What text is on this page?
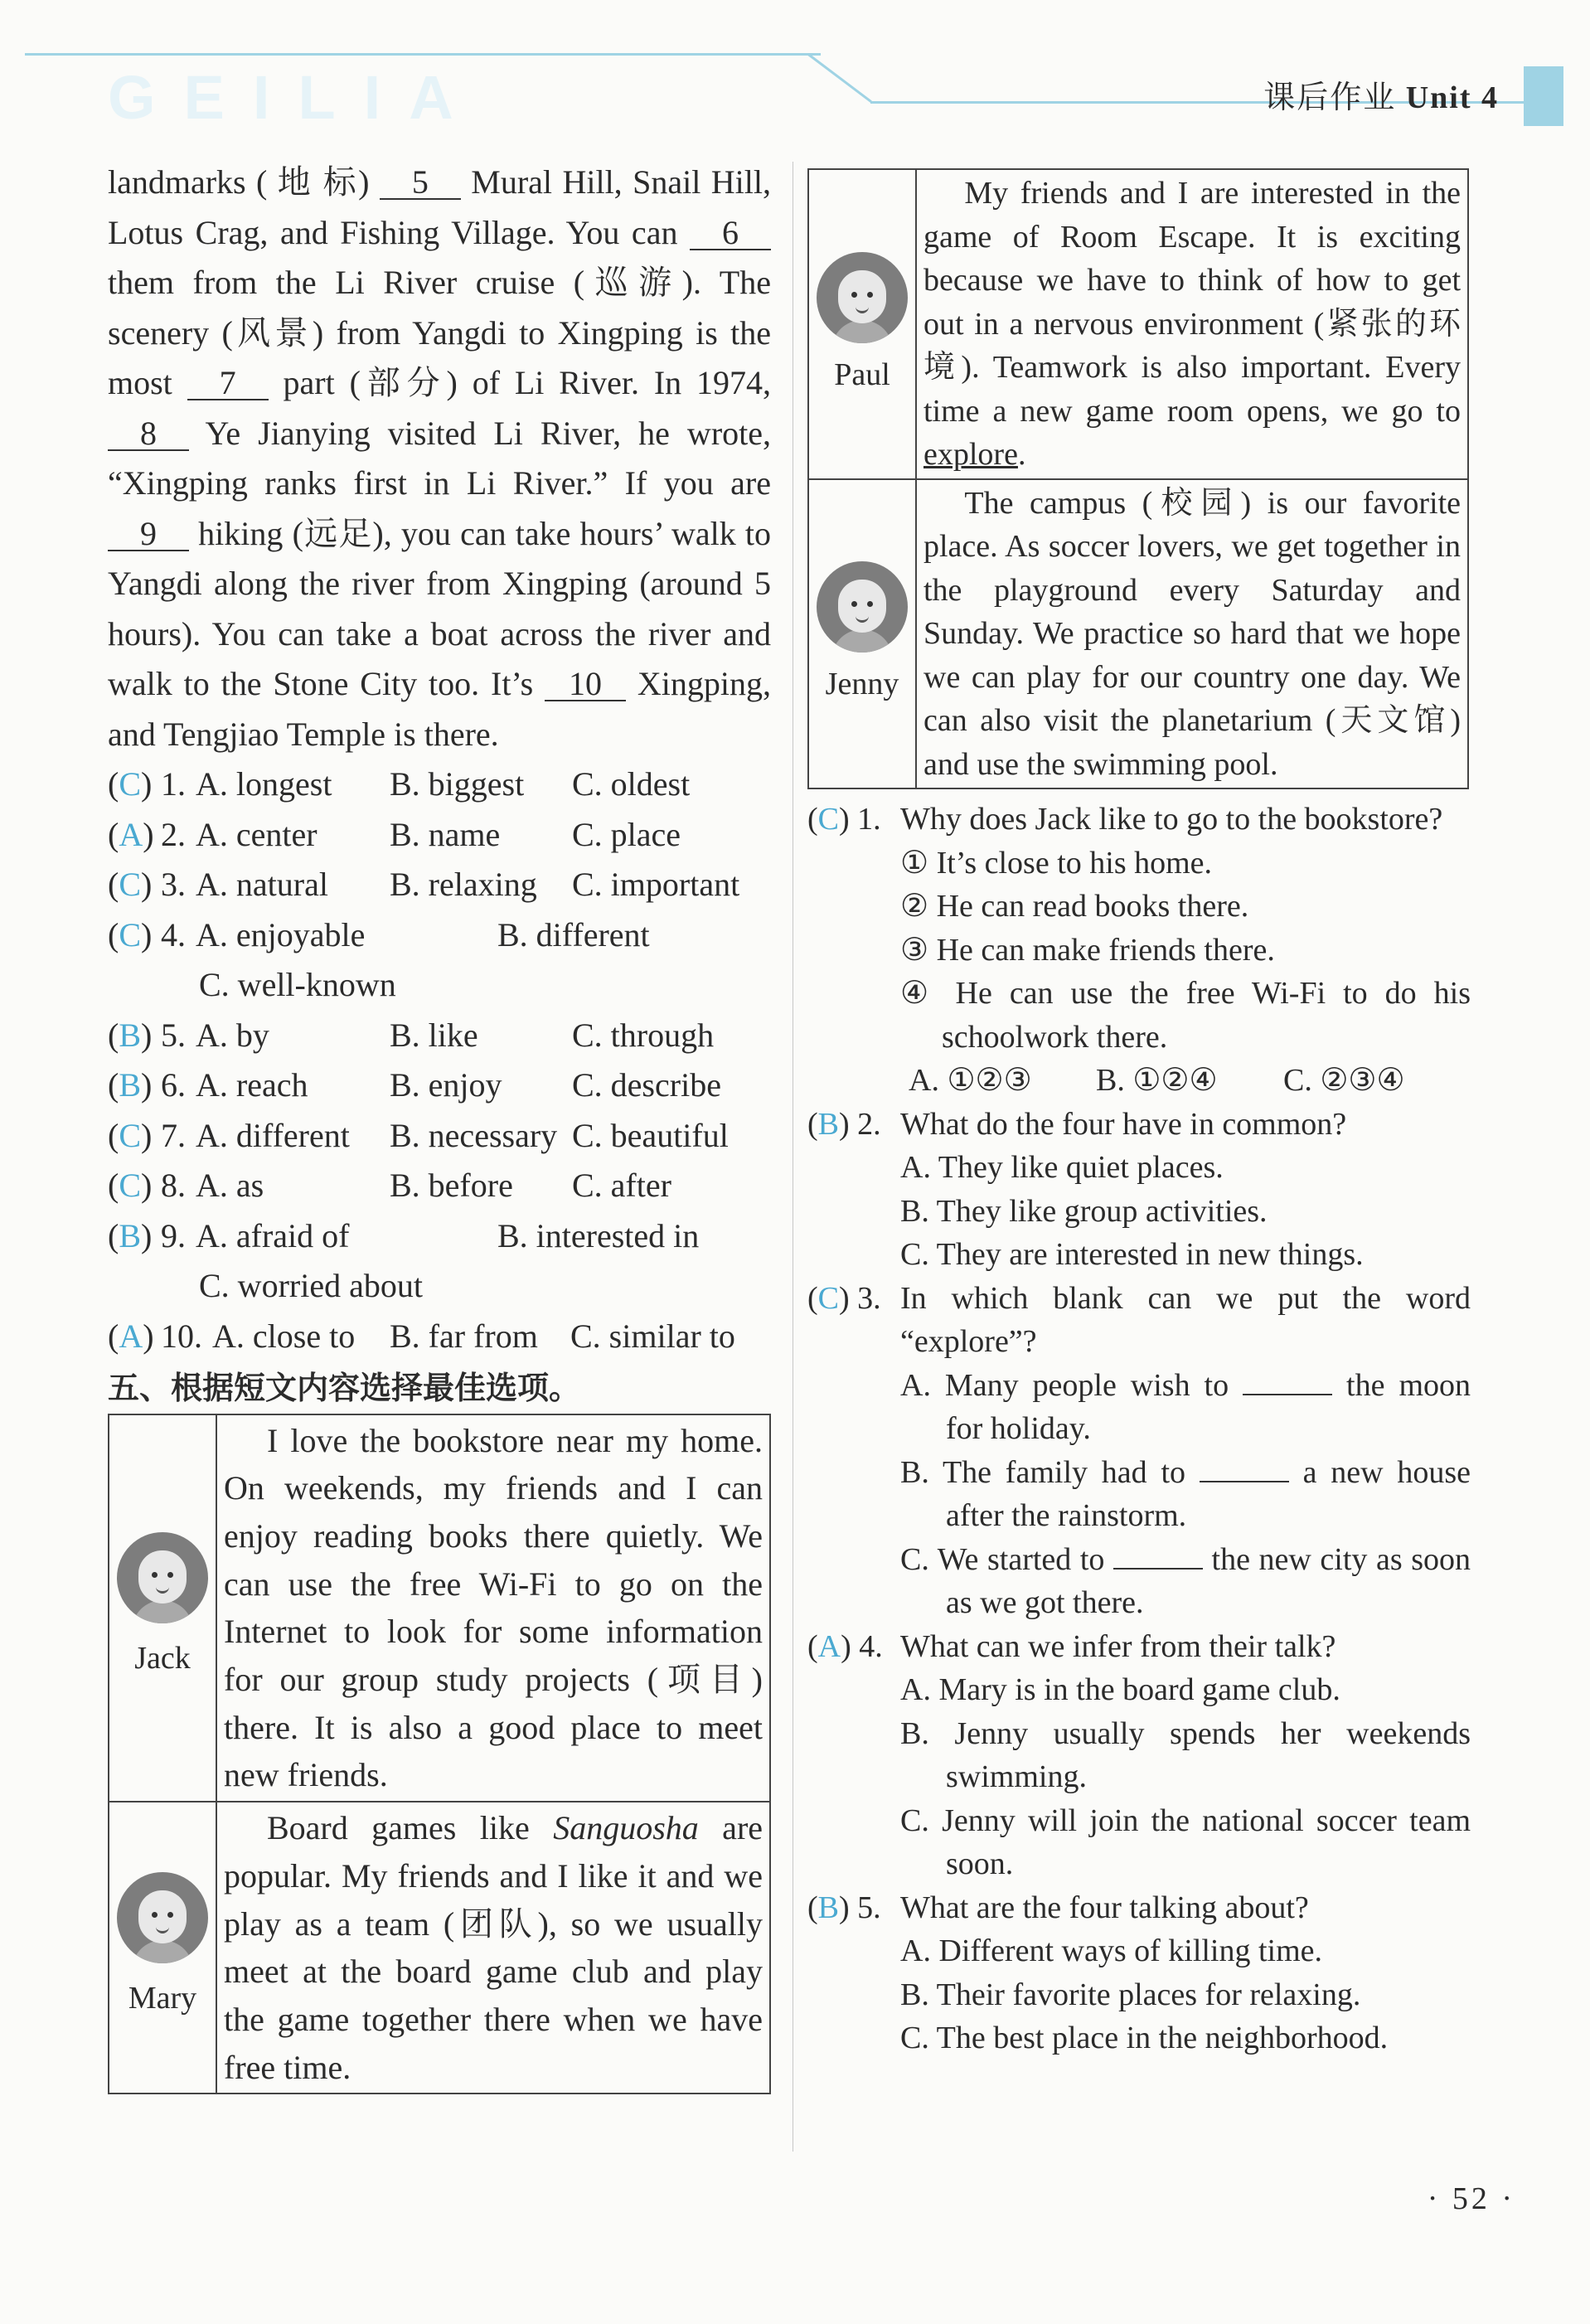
GEILIA	课后作业 Unit 4

landmarks ( 地 标) 5 Mural Hill, Snail Hill, Lotus Crag, and Fishing Village. You can 6 them from the Li River cruise (巡游). The scenery (风景) from Yangdi to Xingping is the most 7 part (部分) of Li River. In 1974, 8 Ye Jianying visited Li River, he wrote, “Xingping ranks first in Li River.” If you are 9 hiking (远足), you can take hours’ walk to Yangdi along the river from Xingping (around 5 hours). You can take a boat across the river and walk to the Stone City too. It’s 10 Xingping, and Tengjiao Temple is there.

(C) 1. A. longest B. biggest C. oldest
(A) 2. A. center B. name C. place
(C) 3. A. natural B. relaxing C. important
(C) 4. A. enjoyable	B. different
C. well-known
(B) 5. A. by	B. like	C. through
(B) 6. A. reach B. enjoy C. describe
(C) 7. A. different B. necessary C. beautiful
(C) 8. A. as	B. before C. after
(B) 9. A. afraid of	B. interested in
C. worried about
(A) 10. A. close to B. far from C. similar to
五、根据短文内容选择最佳选项。
Jack	I love the bookstore near my home. On weekends, my friends and I can enjoy reading books there quietly. We can use the free Wi-Fi to go on the Internet to look for some information for our group study projects (项目) there. It is also a good place to meet new friends.

Mary	Board games like Sanguosha are popular. My friends and I like it and we play as a team (团队), so we usually meet at the board game club and play the game together there when we have free time.
Paul	My friends and I are interested in the game of Room Escape. It is exciting because we have to think of how to get out in a nervous environment (紧张的环境). Teamwork is also important. Every time a new game room opens, we go to explore.

Jenny	The campus (校园) is our favorite place. As soccer lovers, we get together in the playground every Saturday and Sunday. We practice so hard that we hope we can play for our country one day. We can also visit the planetarium (天文馆) and use the swimming pool.
(C) 1. Why does Jack like to go to the bookstore?
① It’s close to his home.
② He can read books there.
③ He can make friends there.
④ He can use the free Wi-Fi to do his schoolwork there.
A. ①②③ B. ①②④ C. ②③④
(B) 2. What do the four have in common?
A. They like quiet places.
B. They like group activities.
C. They are interested in new things.
(C) 3. In which blank can we put the word “explore”?
A. Many people wish to	the moon for holiday.
B. The family had to	a new house after the rainstorm.
C. We started to	the new city as soon as we got there.
(A) 4. What can we infer from their talk?
A. Mary is in the board game club.
B. Jenny usually spends her weekends swimming.
C. Jenny will join the national soccer team soon.
(B) 5. What are the four talking about?
A. Different ways of killing time.
B. Their favorite places for relaxing.
C. The best place in the neighborhood.
· 52 ·
